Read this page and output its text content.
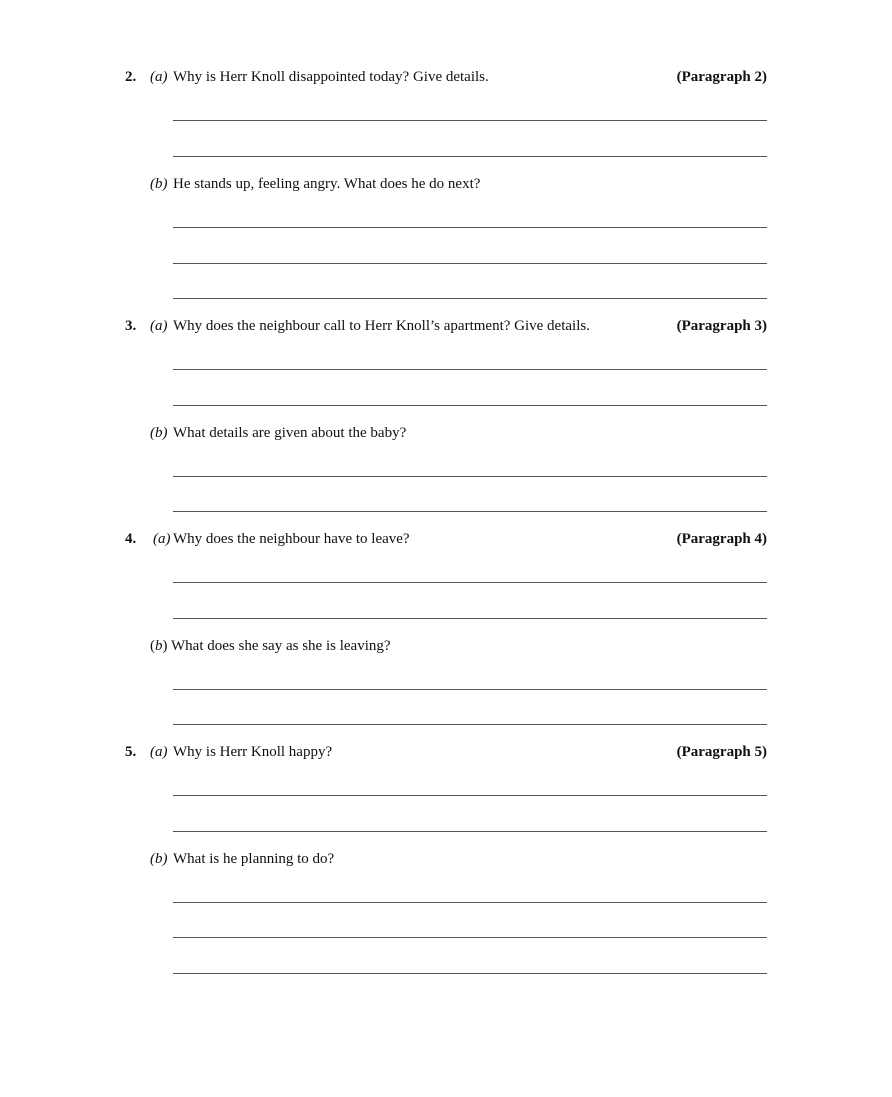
2. (a) Why is Herr Knoll disappointed today? Give details.	(Paragraph 2)
(b) He stands up, feeling angry. What does he do next?
3. (a) Why does the neighbour call to Herr Knoll’s apartment? Give details.	(Paragraph 3)
(b) What details are given about the baby?
4. (a) Why does the neighbour have to leave?	(Paragraph 4)
(b) What does she say as she is leaving?
5. (a) Why is Herr Knoll happy?	(Paragraph 5)
(b) What is he planning to do?
